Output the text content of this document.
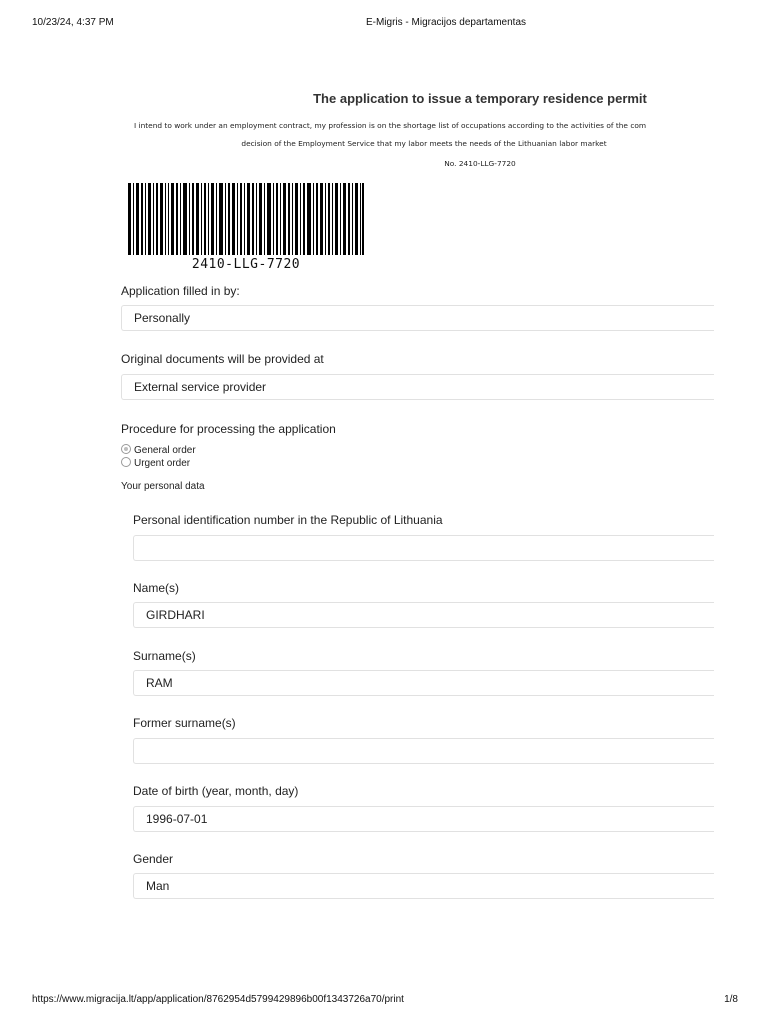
10/23/24, 4:37 PM	E-Migris - Migracijos departamentas
The application to issue a temporary residence permit
I intend to work under an employment contract, my profession is on the shortage list of occupations according to the activities of the com
decision of the Employment Service that my labor meets the needs of the Lithuanian labor market
No. 2410-LLG-7720
2410-LLG-7720
Application filled in by:
Personally
Original documents will be provided at
External service provider
Procedure for processing the application
General order
Urgent order
Your personal data
Personal identification number in the Republic of Lithuania
Name(s)
GIRDHARI
Surname(s)
RAM
Former surname(s)
Date of birth (year, month, day)
1996-07-01
Gender
Man
https://www.migracija.lt/app/application/8762954d5799429896b00f1343726a70/print	1/8
